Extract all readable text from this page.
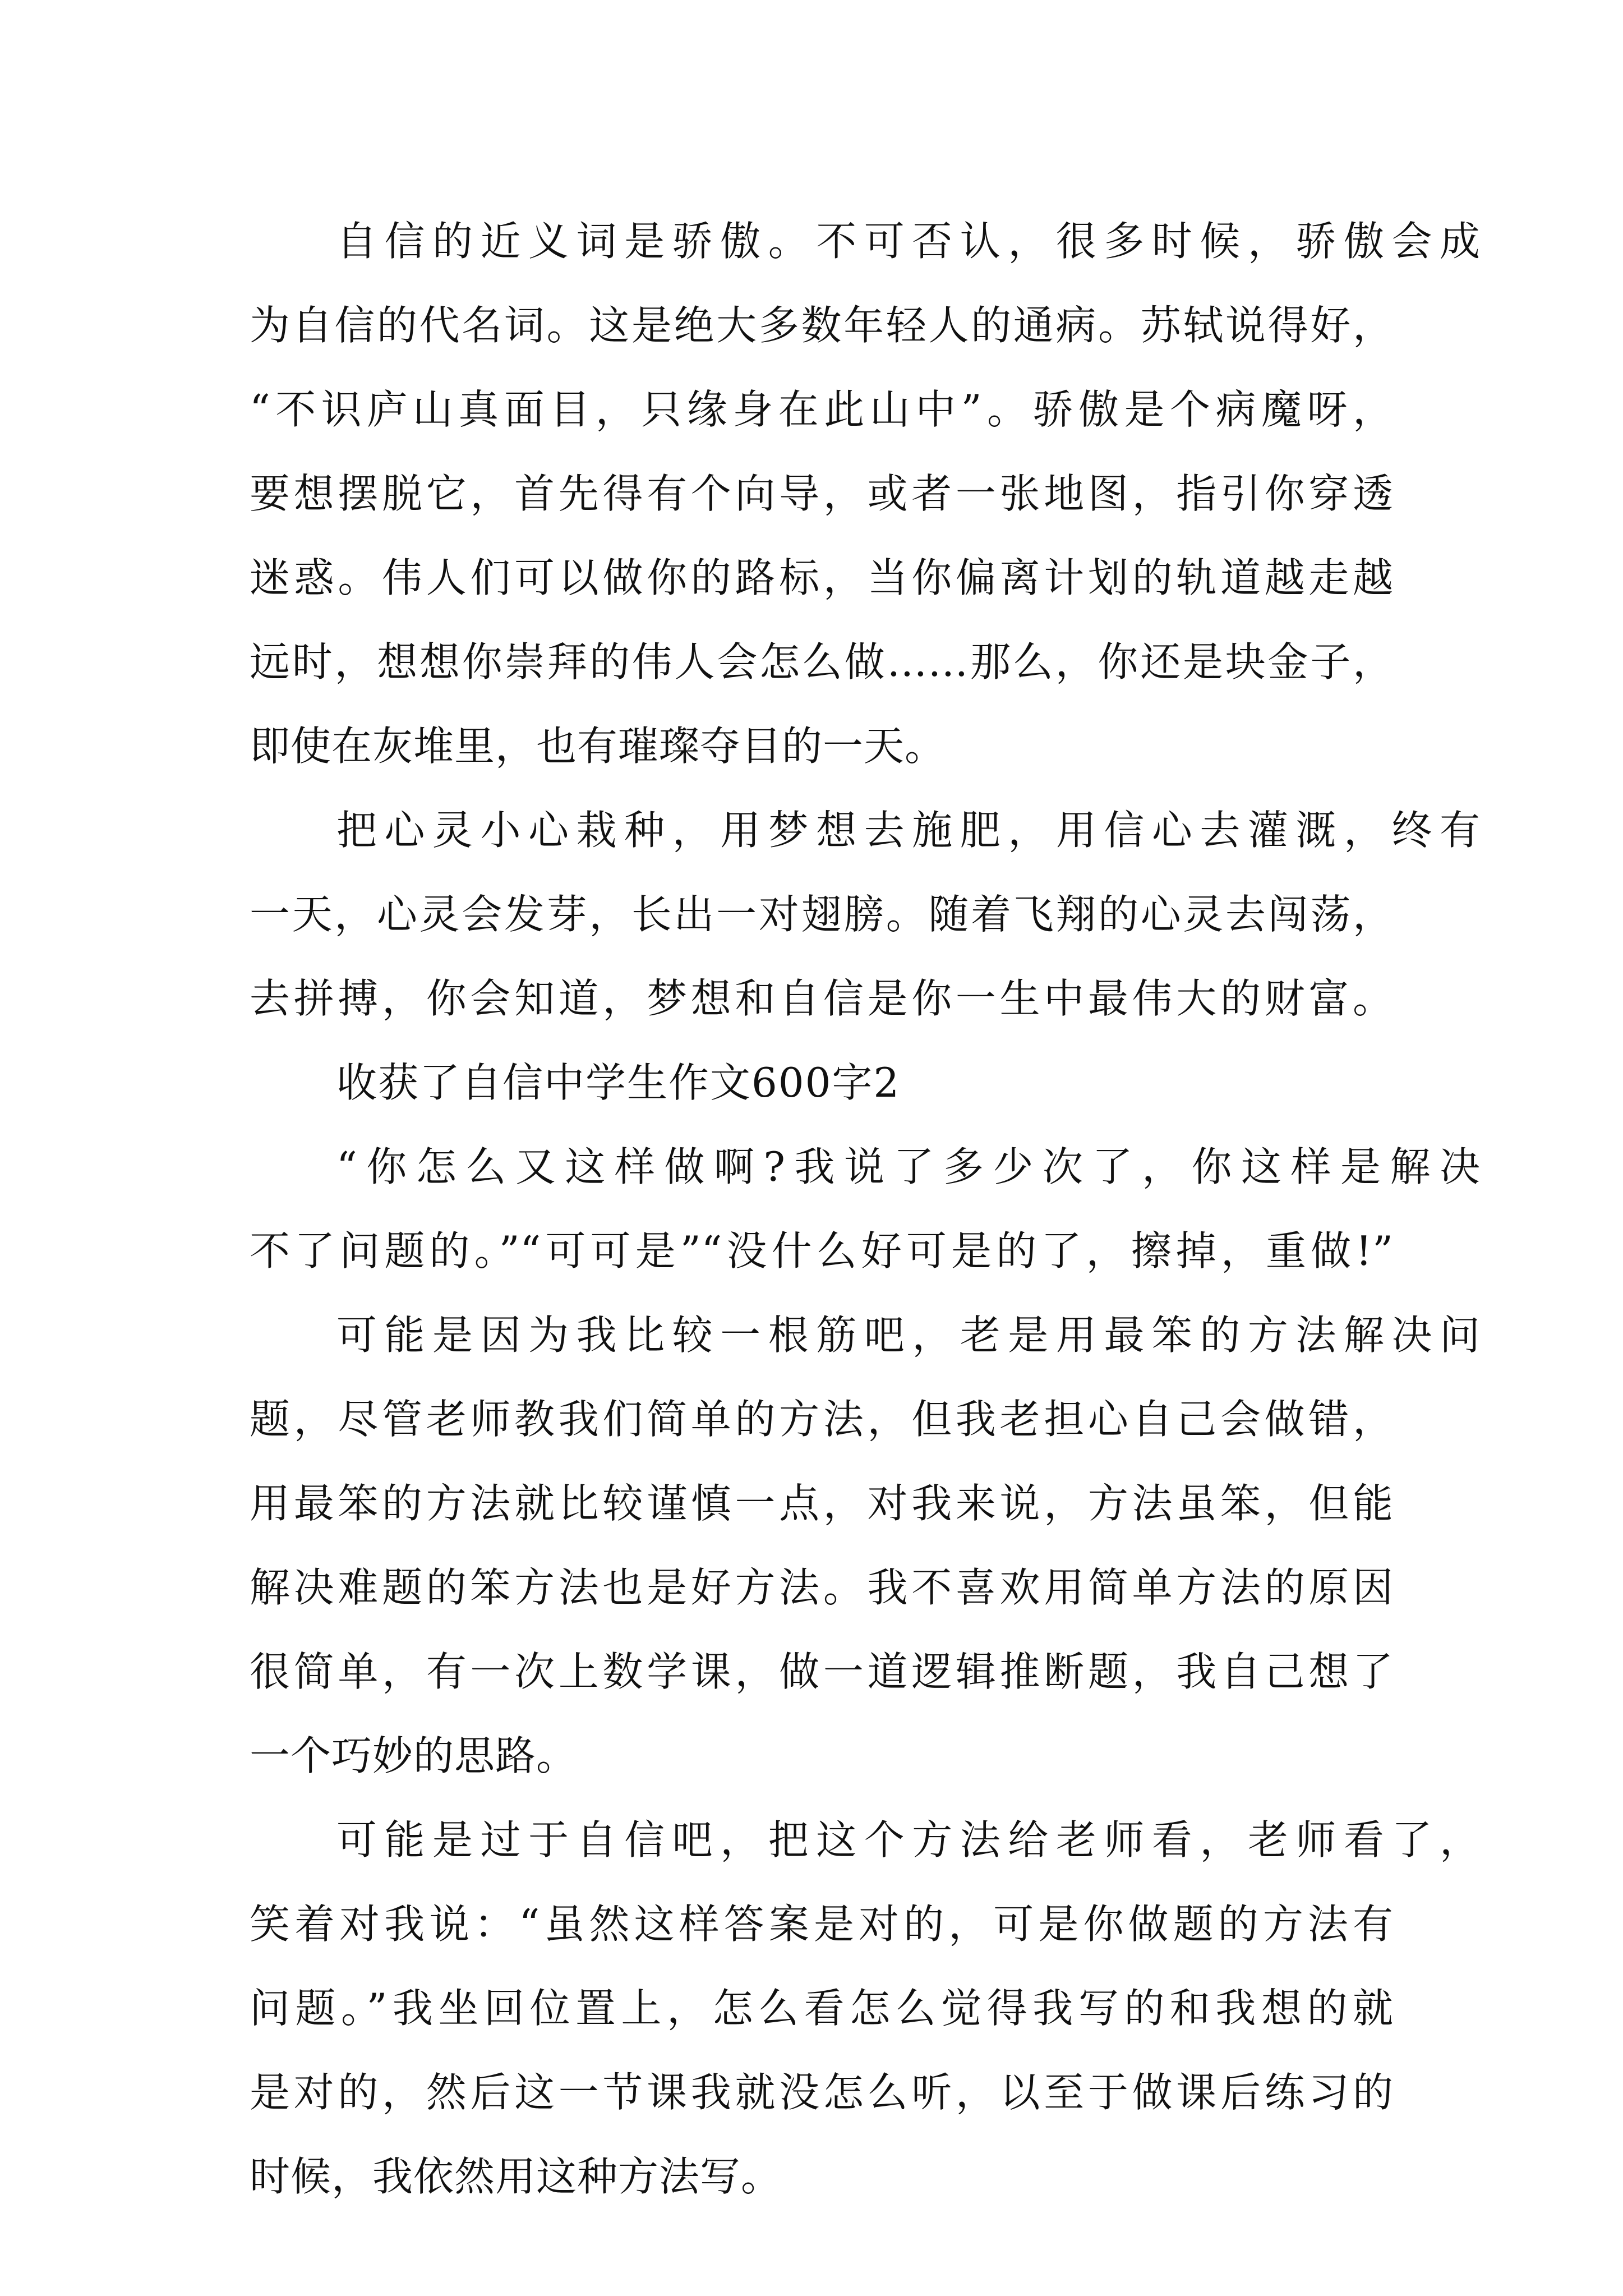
自信的近义词是骄傲。不可否认，很多时候，骄傲会成
为自信的代名词。这是绝大多数年轻人的通病。苏轼说得好，
“不识庐山真面目，只缘身在此山中”。骄傲是个病魔呀，
要想摆脱它，首先得有个向导，或者一张地图，指引你穿透
迷惑。伟人们可以做你的路标，当你偏离计划的轨道越走越
远时，想想你崇拜的伟人会怎么做……那么，你还是块金子，
即使在灰堆里，也有璀璨夺目的一天。
把心灵小心栽种，用梦想去施肥，用信心去灌溉，终有
一天，心灵会发芽，长出一对翅膀。随着飞翔的心灵去闯荡，
去拼搏，你会知道，梦想和自信是你一生中最伟大的财富。
收获了自信中学生作文600字2
“你怎么又这样做啊?我说了多少次了，你这样是解决
不了问题的。”“可可是”“没什么好可是的了，擦掉，重做!”
可能是因为我比较一根筋吧，老是用最笨的方法解决问
题，尽管老师教我们简单的方法，但我老担心自己会做错，
用最笨的方法就比较谨慎一点，对我来说，方法虽笨，但能
解决难题的笨方法也是好方法。我不喜欢用简单方法的原因
很简单，有一次上数学课，做一道逻辑推断题，我自己想了
一个巧妙的思路。
可能是过于自信吧，把这个方法给老师看，老师看了，
笑着对我说：“虽然这样答案是对的，可是你做题的方法有
问题。”我坐回位置上，怎么看怎么觉得我写的和我想的就
是对的，然后这一节课我就没怎么听，以至于做课后练习的
时候，我依然用这种方法写。
